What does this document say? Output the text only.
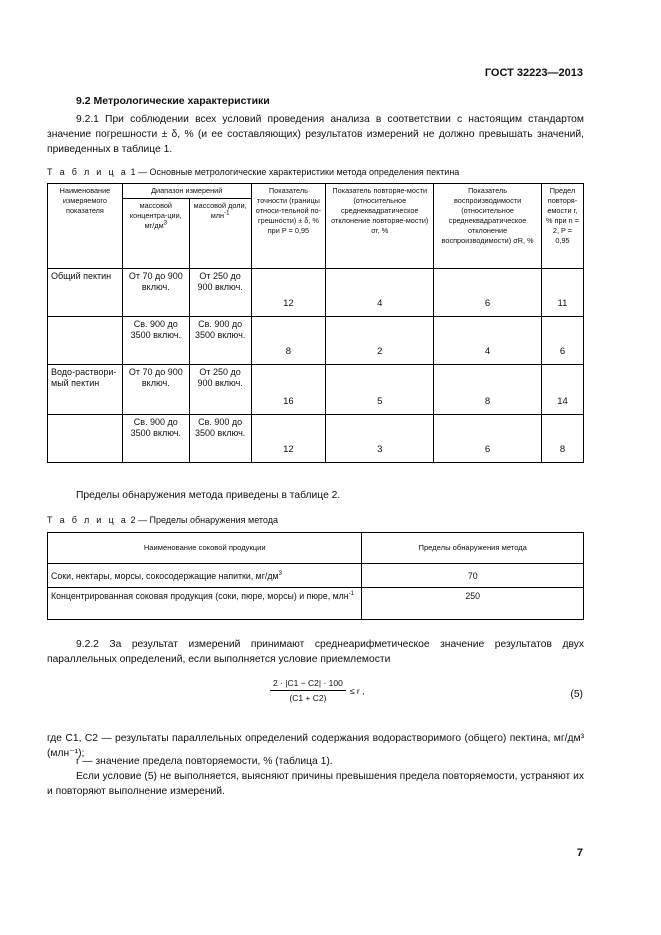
ГОСТ 32223—2013
9.2 Метрологические характеристики
9.2.1 При соблюдении всех условий проведения анализа в соответствии с настоящим стандартом значение погрешности ± δ, % (и ее составляющих) результатов измерений не должно превышать значений, приведенных в таблице 1.
Т а б л и ц а 1 — Основные метрологические характеристики метода определения пектина
Наименование измеряемого показателя	Диапазон измерений		Показатель точности (границы относи-тельной по-грешности) ± δ, % при P = 0,95	Показатель повторяе-мости (относительное среднеквадратическое отклонение повторяе-мости) σr, %	Показатель воспроизводимости (относительное среднеквадратическое отклонение воспроизводимости) σR, %	Предел повторя-емости r, % при n = 2, P = 0,95
	массовой концентра-ции, $мг/дм^3$	массовой доли, млн$^{-1}$
Общий пектин	От 70 до 900 включ.	От 250 до 900 включ.	12	4	6	11
	Св. 900 до 3500 включ.	Св. 900 до 3500 включ.	8	2	4	6
Водо-раствори-мый пектин	От 70 до 900 включ.	От 250 до 900 включ.	16	5	8	14
	Св. 900 до 3500 включ.	Св. 900 до 3500 включ.	12	3	6	8
Пределы обнаружения метода приведены в таблице 2.
Т а б л и ц а 2 — Пределы обнаружения метода
Наименование соковой продукции	Пределы обнаружения метода
Соки, нектары, морсы, сокосодержащие напитки, $мг/дм^3$	70
Концентрированная соковая продукция (соки, пюре, морсы) и пюре, млн$^{-1}$	250
9.2.2 За результат измерений принимают среднеарифметическое значение результатов двух параллельных определений, если выполняется условие приемлемости
$\frac{2 \cdot |C1 - C2| \cdot 100}{(C1 + C2)} \le r$ ,	(5)
где C1, C2 — результаты параллельных определений содержания водорастворимого (общего) пектина, мг/дм³ (млн⁻¹);
r — значение предела повторяемости, % (таблица 1).
Если условие (5) не выполняется, выясняют причины превышения предела повторяемости, устраняют их и повторяют выполнение измерений.
7
